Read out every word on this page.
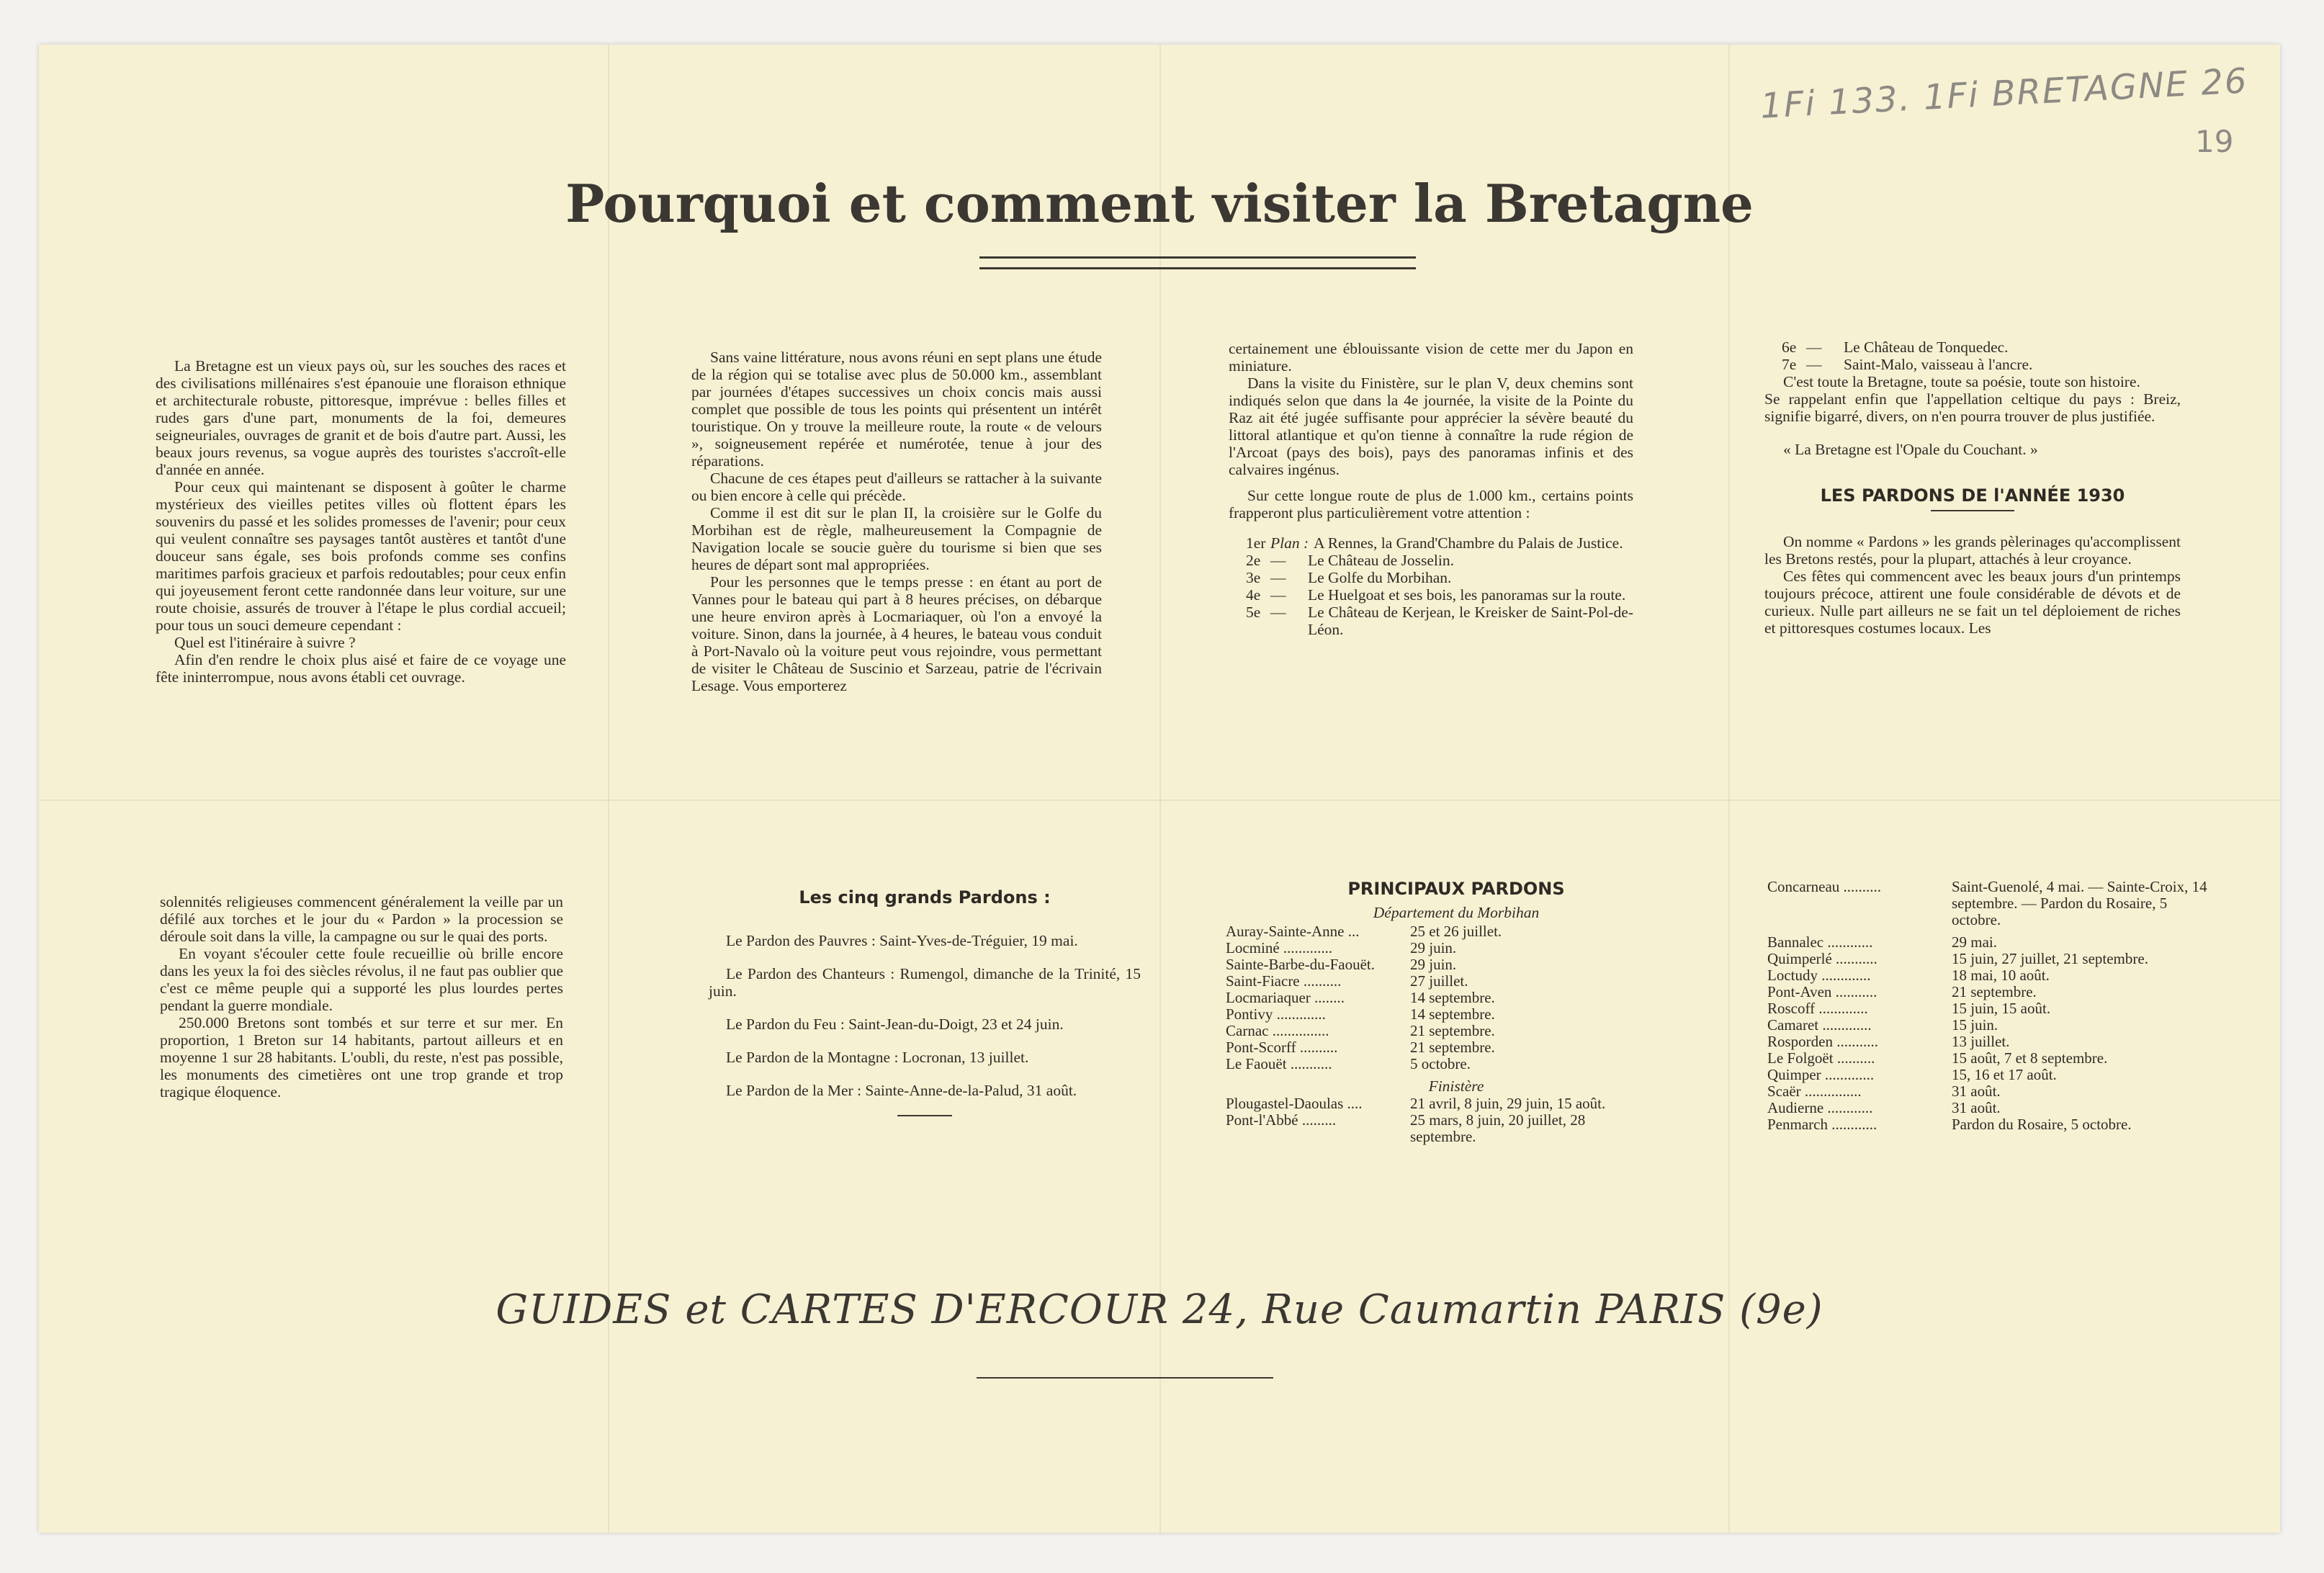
1Fi 133. 1Fi BRETAGNE 26
19
Pourquoi et comment visiter la Bretagne

La Bretagne est un vieux pays où, sur les souches des races et des civilisations millénaires s'est épanouie une floraison ethnique et architecturale robuste, pittoresque, imprévue : belles filles et rudes gars d'une part, monuments de la foi, demeures seigneuriales, ouvrages de granit et de bois d'autre part. Aussi, les beaux jours revenus, sa vogue auprès des touristes s'accroît-elle d'année en année.

Pour ceux qui maintenant se disposent à goûter le charme mystérieux des vieilles petites villes où flottent épars les souvenirs du passé et les solides promesses de l'avenir; pour ceux qui veulent connaître ses paysages tantôt austères et tantôt d'une douceur sans égale, ses bois profonds comme ses confins maritimes parfois gracieux et parfois redoutables; pour ceux enfin qui joyeusement feront cette randonnée dans leur voiture, sur une route choisie, assurés de trouver à l'étape le plus cordial accueil; pour tous un souci demeure cependant :

Quel est l'itinéraire à suivre ?

Afin d'en rendre le choix plus aisé et faire de ce voyage une fête ininterrompue, nous avons établi cet ouvrage.

Sans vaine littérature, nous avons réuni en sept plans une étude de la région qui se totalise avec plus de 50.000 km., assemblant par journées d'étapes successives un choix concis mais aussi complet que possible de tous les points qui présentent un intérêt touristique. On y trouve la meilleure route, la route « de velours », soigneusement repérée et numérotée, tenue à jour des réparations.

Chacune de ces étapes peut d'ailleurs se rattacher à la suivante ou bien encore à celle qui précède.

Comme il est dit sur le plan II, la croisière sur le Golfe du Morbihan est de règle, malheureusement la Compagnie de Navigation locale se soucie guère du tourisme si bien que ses heures de départ sont mal appropriées.

Pour les personnes que le temps presse : en étant au port de Vannes pour le bateau qui part à 8 heures précises, on débarque une heure environ après à Locmariaquer, où l'on a envoyé la voiture. Sinon, dans la journée, à 4 heures, le bateau vous conduit à Port-Navalo où la voiture peut vous rejoindre, vous permettant de visiter le Château de Suscinio et Sarzeau, patrie de l'écrivain Lesage. Vous emporterez

certainement une éblouissante vision de cette mer du Japon en miniature.

Dans la visite du Finistère, sur le plan V, deux chemins sont indiqués selon que dans la 4e journée, la visite de la Pointe du Raz ait été jugée suffisante pour apprécier la sévère beauté du littoral atlantique et qu'on tienne à connaître la rude région de l'Arcoat (pays des bois), pays des panoramas infinis et des calvaires ingénus.

Sur cette longue route de plus de 1.000 km., certains points frapperont plus particulièrement votre attention :

1er Plan : A Rennes, la Grand'Chambre du Palais de Justice.
2e —	Le Château de Josselin.
3e —	Le Golfe du Morbihan.
4e —	Le Huelgoat et ses bois, les panoramas sur la route.
5e —	Le Château de Kerjean, le Kreisker de Saint-Pol-de-Léon.
6e —	Le Château de Tonquedec.
7e —	Saint-Malo, vaisseau à l'ancre.

C'est toute la Bretagne, toute sa poésie, toute son histoire.

Se rappelant enfin que l'appellation celtique du pays : Breiz, signifie bigarré, divers, on n'en pourra trouver de plus justifiée.

« La Bretagne est l'Opale du Couchant. »

LES PARDONS DE l'ANNÉE 1930

On nomme « Pardons » les grands pèlerinages qu'accomplissent les Bretons restés, pour la plupart, attachés à leur croyance.

Ces fêtes qui commencent avec les beaux jours d'un printemps toujours précoce, attirent une foule considérable de dévots et de curieux. Nulle part ailleurs ne se fait un tel déploiement de riches et pittoresques costumes locaux. Les

solennités religieuses commencent généralement la veille par un défilé aux torches et le jour du « Pardon » la procession se déroule soit dans la ville, la campagne ou sur le quai des ports.

En voyant s'écouler cette foule recueillie où brille encore dans les yeux la foi des siècles révolus, il ne faut pas oublier que c'est ce même peuple qui a supporté les plus lourdes pertes pendant la guerre mondiale.

250.000 Bretons sont tombés et sur terre et sur mer. En proportion, 1 Breton sur 14 habitants, partout ailleurs et en moyenne 1 sur 28 habitants. L'oubli, du reste, n'est pas possible, les monuments des cimetières ont une trop grande et trop tragique éloquence.

Les cinq grands Pardons :

Le Pardon des Pauvres : Saint-Yves-de-Tréguier, 19 mai.

Le Pardon des Chanteurs : Rumengol, dimanche de la Trinité, 15 juin.

Le Pardon du Feu : Saint-Jean-du-Doigt, 23 et 24 juin.

Le Pardon de la Montagne : Locronan, 13 juillet.

Le Pardon de la Mer : Sainte-Anne-de-la-Palud, 31 août.

PRINCIPAUX PARDONS
Département du Morbihan
Auray-Sainte-Anne ...	25 et 26 juillet.
Locminé .............	29 juin.
Sainte-Barbe-du-Faouët.	29 juin.
Saint-Fiacre ..........	27 juillet.
Locmariaquer ........	14 septembre.
Pontivy .............	14 septembre.
Carnac ...............	21 septembre.
Pont-Scorff ..........	21 septembre.
Le Faouët ...........	5 octobre.
Finistère
Plougastel-Daoulas ....	21 avril, 8 juin, 29 juin, 15 août.
Pont-l'Abbé .........	25 mars, 8 juin, 20 juillet, 28 septembre.
Concarneau ..........	Saint-Guenolé, 4 mai. — Sainte-Croix, 14 septembre. — Pardon du Rosaire, 5 octobre.
Bannalec ............	29 mai.
Quimperlé ...........	15 juin, 27 juillet, 21 septembre.
Loctudy .............	18 mai, 10 août.
Pont-Aven ...........	21 septembre.
Roscoff .............	15 juin, 15 août.
Camaret .............	15 juin.
Rosporden ...........	13 juillet.
Le Folgoët ..........	15 août, 7 et 8 septembre.
Quimper .............	15, 16 et 17 août.
Scaër ...............	31 août.
Audierne ............	31 août.
Penmarch ............	Pardon du Rosaire, 5 octobre.
GUIDES et CARTES D'ERCOUR 24, Rue Caumartin PARIS (9e)
